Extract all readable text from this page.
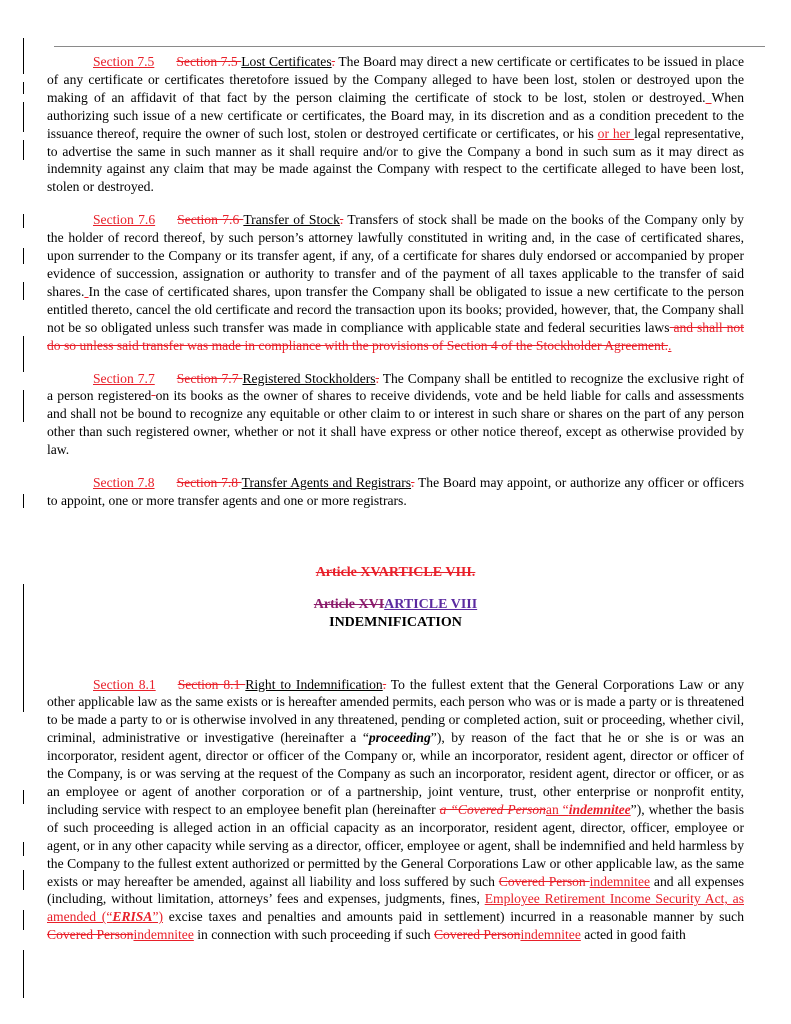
Section 7.5 Section 7.5 Lost Certificates. The Board may direct a new certificate or certificates to be issued in place of any certificate or certificates theretofore issued by the Company alleged to have been lost, stolen or destroyed upon the making of an affidavit of that fact by the person claiming the certificate of stock to be lost, stolen or destroyed. When authorizing such issue of a new certificate or certificates, the Board may, in its discretion and as a condition precedent to the issuance thereof, require the owner of such lost, stolen or destroyed certificate or certificates, or his or her legal representative, to advertise the same in such manner as it shall require and/or to give the Company a bond in such sum as it may direct as indemnity against any claim that may be made against the Company with respect to the certificate alleged to have been lost, stolen or destroyed.

Section 7.6 Section 7.6 Transfer of Stock. Transfers of stock shall be made on the books of the Company only by the holder of record thereof, by such person’s attorney lawfully constituted in writing and, in the case of certificated shares, upon surrender to the Company or its transfer agent, if any, of a certificate for shares duly endorsed or accompanied by proper evidence of succession, assignation or authority to transfer and of the payment of all taxes applicable to the transfer of said shares. In the case of certificated shares, upon transfer the Company shall be obligated to issue a new certificate to the person entitled thereto, cancel the old certificate and record the transaction upon its books; provided, however, that, the Company shall not be so obligated unless such transfer was made in compliance with applicable state and federal securities laws and shall not do so unless said transfer was made in compliance with the provisions of Section 4 of the Stockholder Agreement..

Section 7.7 Section 7.7 Registered Stockholders. The Company shall be entitled to recognize the exclusive right of a person registered on its books as the owner of shares to receive dividends, vote and be held liable for calls and assessments and shall not be bound to recognize any equitable or other claim to or interest in such share or shares on the part of any person other than such registered owner, whether or not it shall have express or other notice thereof, except as otherwise provided by law.

Section 7.8 Section 7.8 Transfer Agents and Registrars. The Board may appoint, or authorize any officer or officers to appoint, one or more transfer agents and one or more registrars.

Article XVARTICLE VIII.

Article XVIARTICLE VIII

INDEMNIFICATION

Section 8.1 Section 8.1 Right to Indemnification. To the fullest extent that the General Corporations Law or any other applicable law as the same exists or is hereafter amended permits, each person who was or is made a party or is threatened to be made a party to or is otherwise involved in any threatened, pending or completed action, suit or proceeding, whether civil, criminal, administrative or investigative (hereinafter a “proceeding”), by reason of the fact that he or she is or was an incorporator, resident agent, director or officer of the Company or, while an incorporator, resident agent, director or officer of the Company, is or was serving at the request of the Company as such an incorporator, resident agent, director or officer, or as an employee or agent of another corporation or of a partnership, joint venture, trust, other enterprise or nonprofit entity, including service with respect to an employee benefit plan (hereinafter a “Covered Personan “indemnitee”), whether the basis of such proceeding is alleged action in an official capacity as an incorporator, resident agent, director, officer, employee or agent, or in any other capacity while serving as a director, officer, employee or agent, shall be indemnified and held harmless by the Company to the fullest extent authorized or permitted by the General Corporations Law or other applicable law, as the same exists or may hereafter be amended, against all liability and loss suffered by such Covered Person indemnitee and all expenses (including, without limitation, attorneys’ fees and expenses, judgments, fines, Employee Retirement Income Security Act, as amended (“ERISA”) excise taxes and penalties and amounts paid in settlement) incurred in a reasonable manner by such Covered Personindemnitee in connection with such proceeding if such Covered Personindemnitee acted in good faith
